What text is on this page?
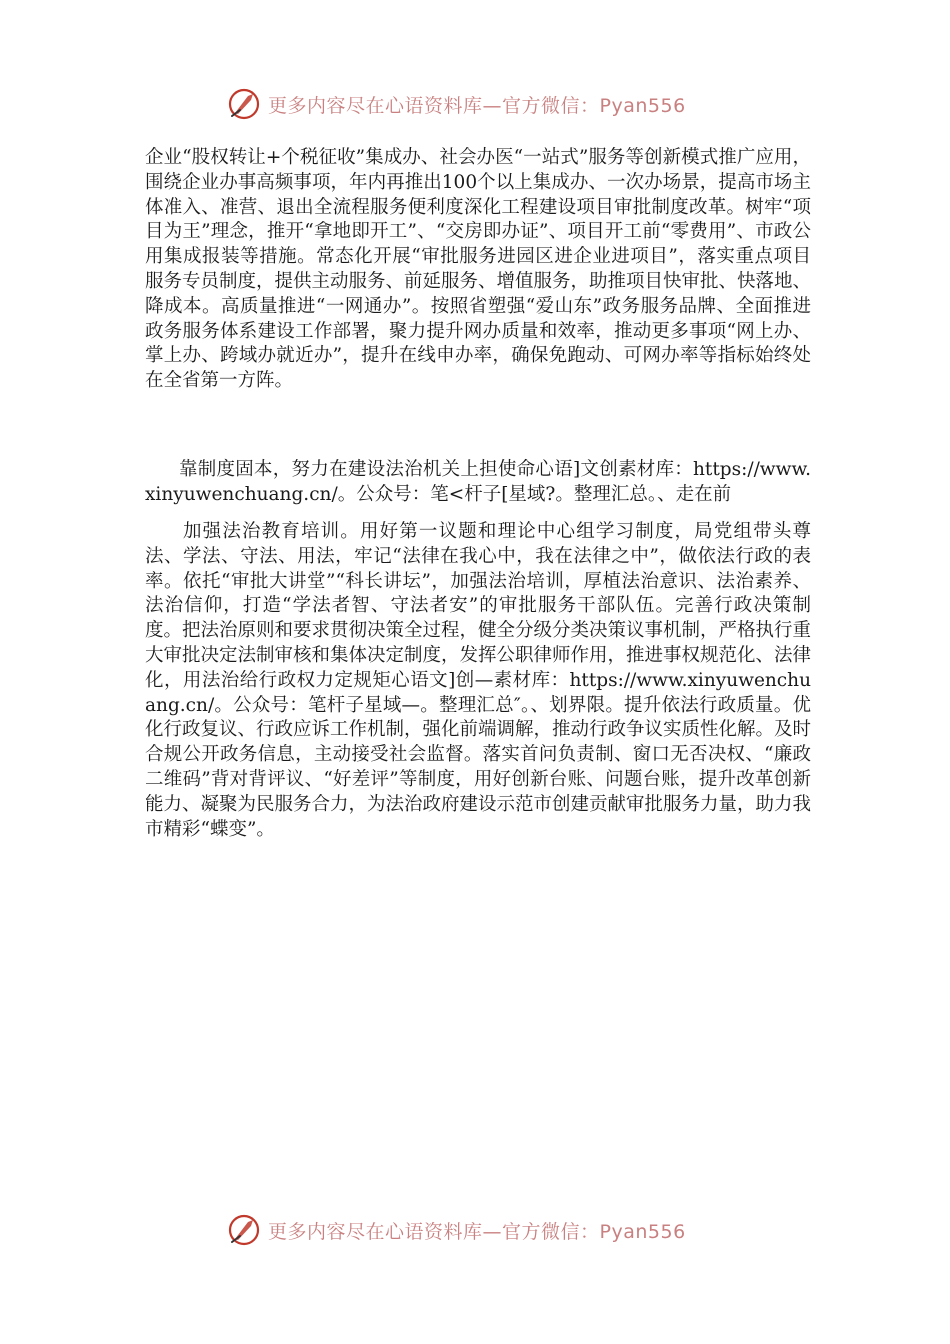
更多内容尽在心语资料库—官方微信：Pyan556

企业“股权转让+个税征收”集成办、社会办医“一站式”服务等创新模式推广应用，围绕企业办事高频事项，年内再推出100个以上集成办、一次办场景，提高市场主体准入、准营、退出全流程服务便利度深化工程建设项目审批制度改革。树牢“项目为王”理念，推开“拿地即开工”、“交房即办证”、项目开工前“零费用”、市政公用集成报装等措施。常态化开展“审批服务进园区进企业进项目”，落实重点项目服务专员制度，提供主动服务、前延服务、增值服务，助推项目快审批、快落地、降成本。高质量推进“一网通办”。按照省塑强“爱山东”政务服务品牌、全面推进政务服务体系建设工作部署，聚力提升网办质量和效率，推动更多事项“网上办、掌上办、跨域办就近办”，提升在线申办率，确保免跑动、可网办率等指标始终处在全省第一方阵。

靠制度固本，努力在建设法治机关上担使命心语]文创素材库：https://www.xinyuwenchuang.cn/。公众号：笔<杆子[星域?。整理汇总。、走在前

加强法治教育培训。用好第一议题和理论中心组学习制度，局党组带头尊法、学法、守法、用法，牢记“法律在我心中，我在法律之中”，做依法行政的表率。依托“审批大讲堂”“科长讲坛”，加强法治培训，厚植法治意识、法治素养、法治信仰，打造“学法者智、守法者安”的审批服务干部队伍。完善行政决策制度。把法治原则和要求贯彻决策全过程，健全分级分类决策议事机制，严格执行重大审批决定法制审核和集体决定制度，发挥公职律师作用，推进事权规范化、法律化，用法治给行政权力定规矩心语文]创—素材库：https://www.xinyuwenchuang.cn/。公众号：笔杆子星域—。整理汇总″。、划界限。提升依法行政质量。优化行政复议、行政应诉工作机制，强化前端调解，推动行政争议实质性化解。及时合规公开政务信息，主动接受社会监督。落实首问负责制、窗口无否决权、“廉政二维码”背对背评议、“好差评”等制度，用好创新台账、问题台账，提升改革创新能力、凝聚为民服务合力，为法治政府建设示范市创建贡献审批服务力量，助力我市精彩“蝶变”。

更多内容尽在心语资料库—官方微信：Pyan556
